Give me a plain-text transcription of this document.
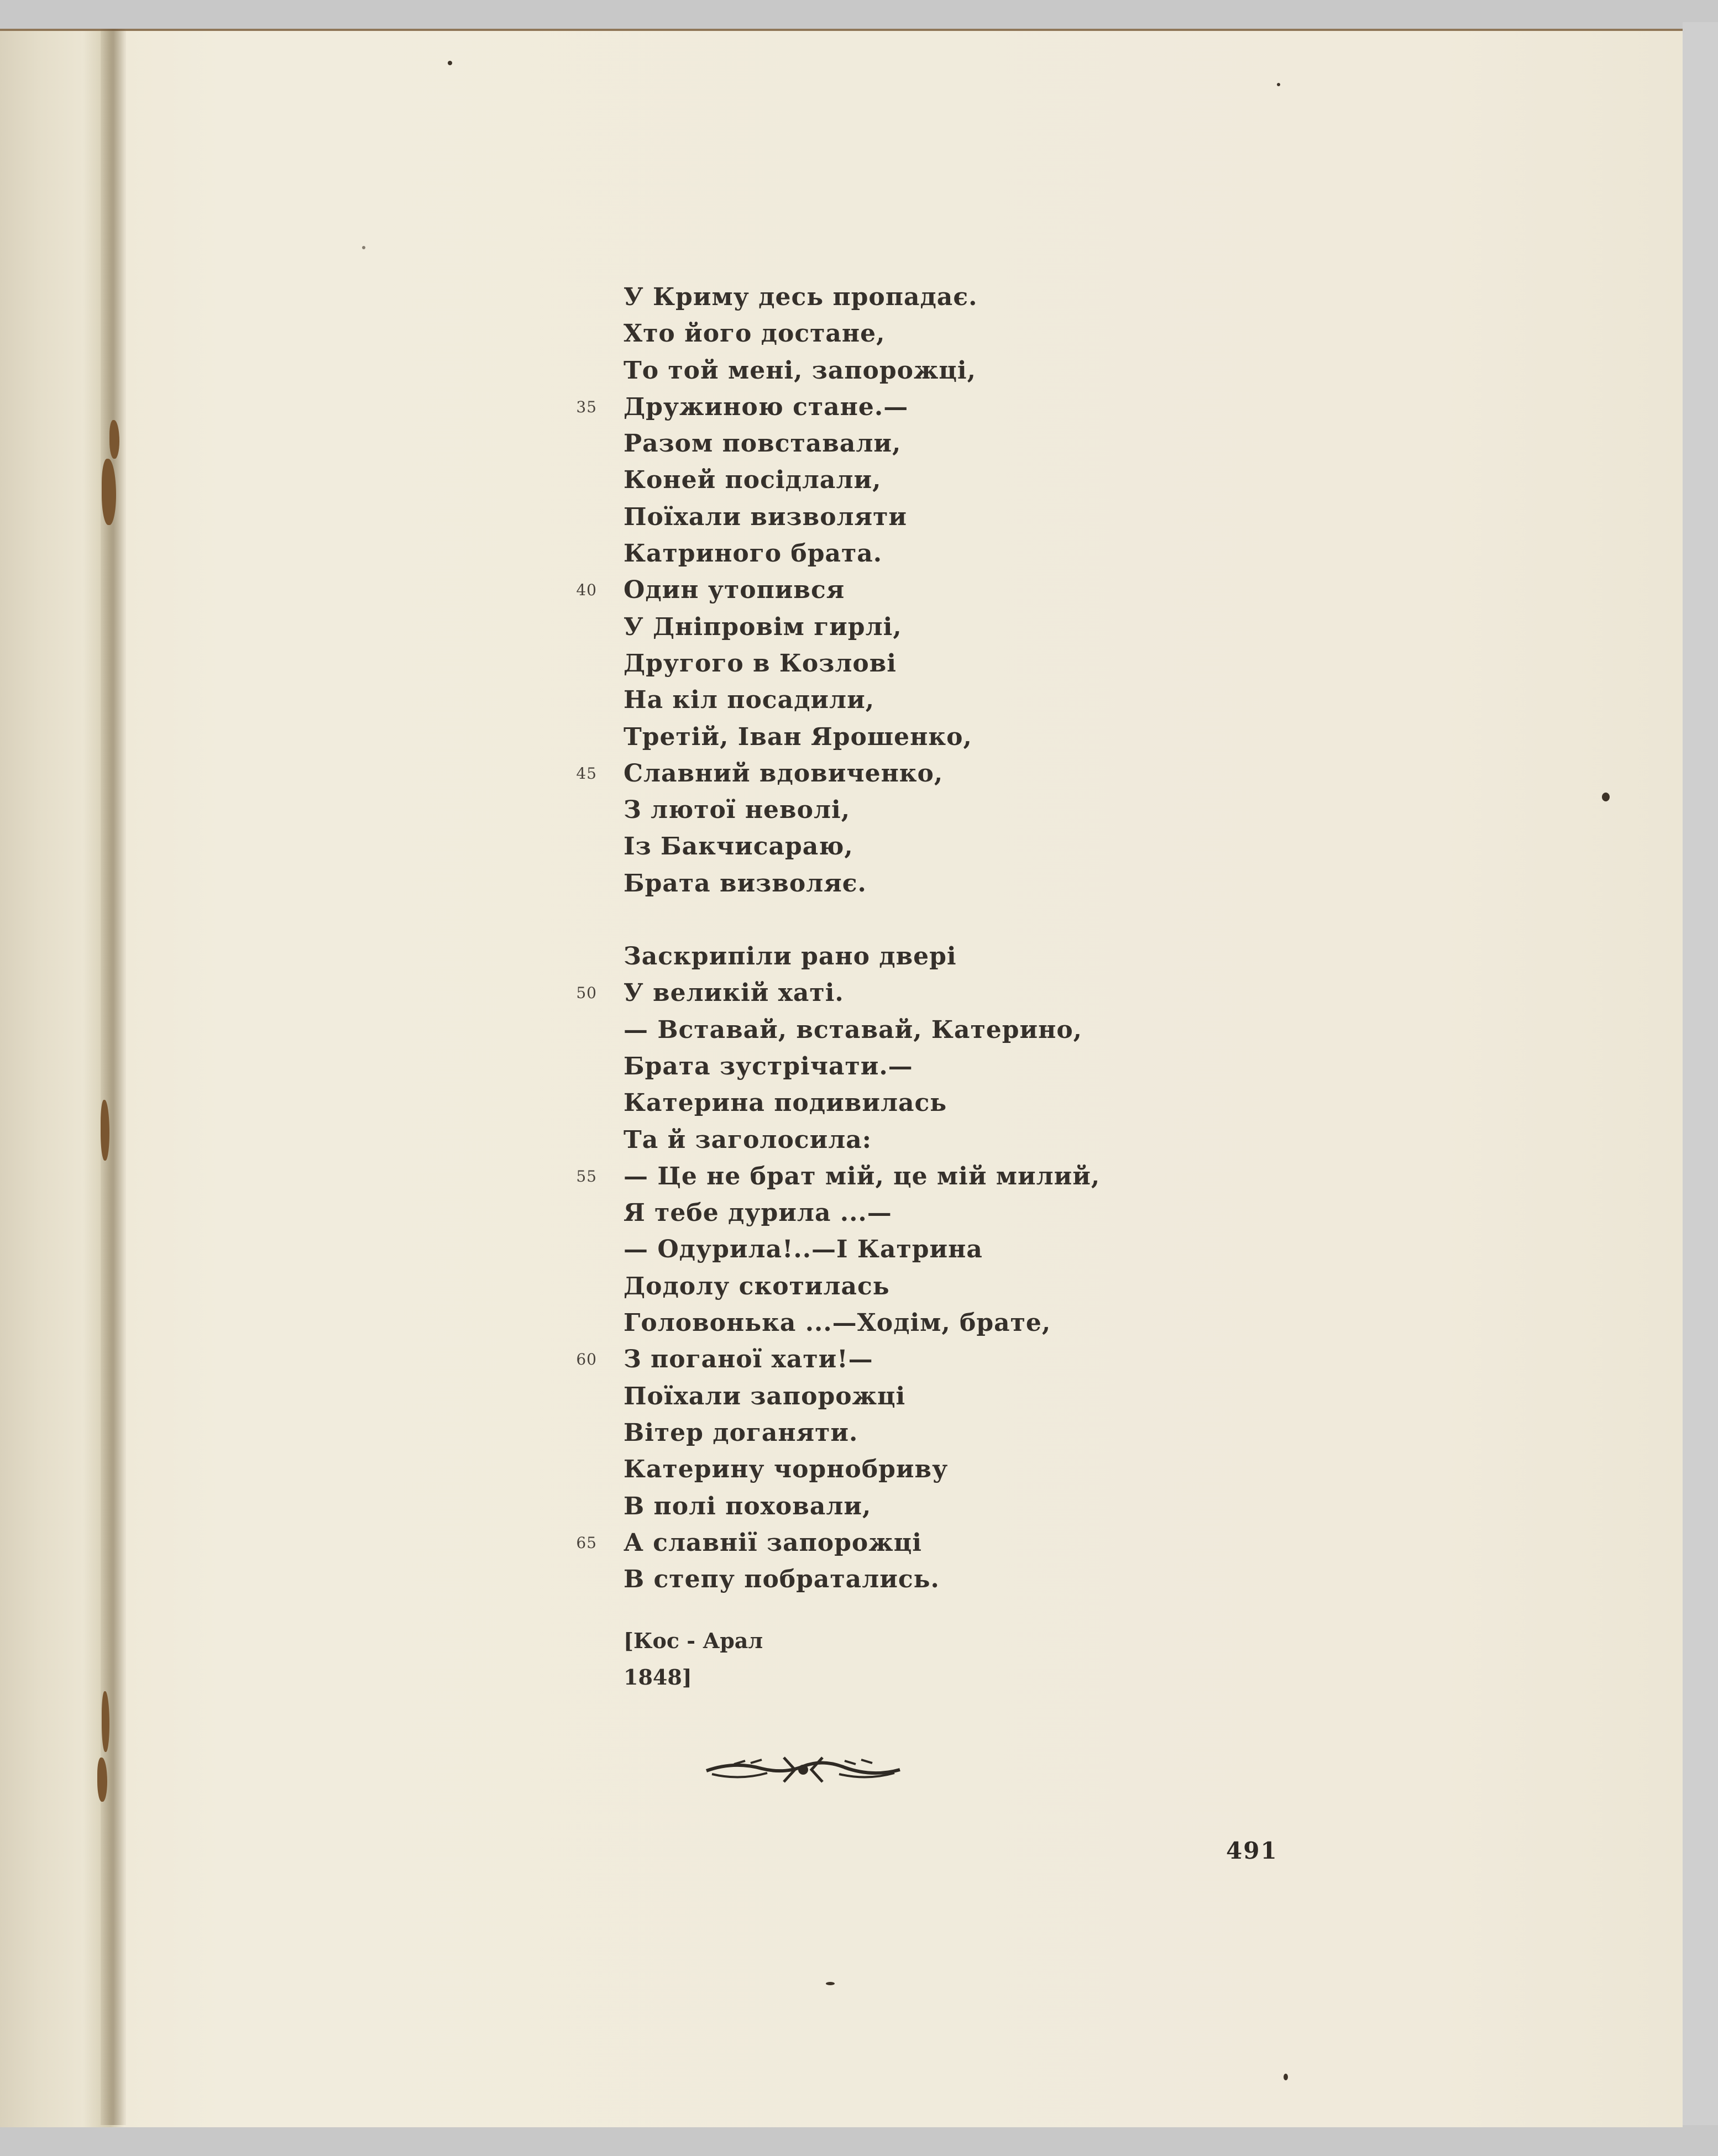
У Криму десь пропадає.
Хто його достане,
То той мені, запорожці,
35 Дружиною стане.—
Разом повставали,
Коней посідлали,
Поїхали визволяти
Катриного брата.
40 Один утопився
У Дніпровім гирлі,
Другого в Козлові
На кіл посадили,
Третій, Іван Ярошенко,
45 Славний вдовиченко,
З лютої неволі,
Із Бакчисараю,
Брата визволяє.
Заскрипіли рано двері
50 У великій хаті.
— Вставай, вставай, Катерино,
Брата зустрічати.—
Катерина подивилась
Та й заголосила:
55 — Це не брат мій, це мій милий,
Я тебе дурила ...—
— Одурила!..—І Катрина
Додолу скотилась
Головонька ...—Ходім, брате,
60 З поганої хати!—
Поїхали запорожці
Вітер доганяти.
Катерину чорнобриву
В полі поховали,
65 А славнії запорожці
В степу побратались.
[Кос - Арал
1848]
491
